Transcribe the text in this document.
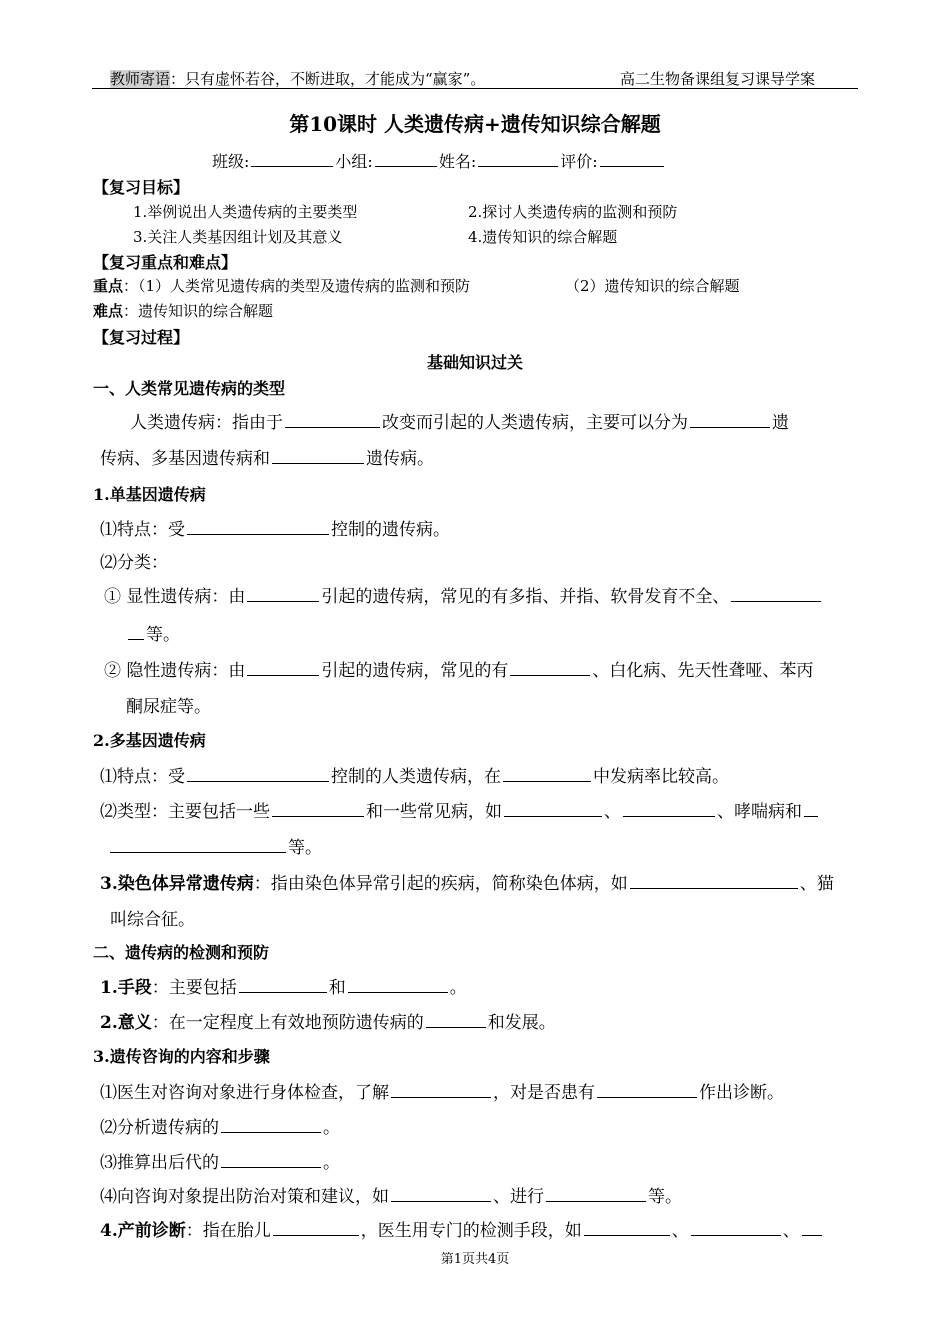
教师寄语：只有虚怀若谷，不断进取，才能成为“赢家”。	高二生物备课组复习课导学案
第10课时 人类遗传病+遗传知识综合解题
班级:	小组:	姓名:	评价:
【复习目标】
1.举例说出人类遗传病的主要类型	2.探讨人类遗传病的监测和预防
3.关注人类基因组计划及其意义	4.遗传知识的综合解题
【复习重点和难点】
重点：（1）人类常见遗传病的类型及遗传病的监测和预防	（2）遗传知识的综合解题
难点：遗传知识的综合解题
【复习过程】
基础知识过关
一、人类常见遗传病的类型
人类遗传病：指由于	改变而引起的人类遗传病，主要可以分为	遗
传病、多基因遗传病和	遗传病。
1.单基因遗传病
⑴特点：受	控制的遗传病。
⑵分类：
① 显性遗传病：由	引起的遗传病，常见的有多指、并指、软骨发育不全、
等。
② 隐性遗传病：由	引起的遗传病，常见的有	、白化病、先天性聋哑、苯丙
酮尿症等。
2.多基因遗传病
⑴特点：受	控制的人类遗传病，在	中发病率比较高。
⑵类型：主要包括一些	和一些常见病，如	、	、哮喘病和
等。
3.染色体异常遗传病：指由染色体异常引起的疾病，简称染色体病，如	、猫
叫综合征。
二、遗传病的检测和预防
1.手段：主要包括	和	。
2.意义：在一定程度上有效地预防遗传病的	和发展。
3.遗传咨询的内容和步骤
⑴医生对咨询对象进行身体检查，了解	，对是否患有	作出诊断。
⑵分析遗传病的	。
⑶推算出后代的	。
⑷向咨询对象提出防治对策和建议，如	、进行	等。
4.产前诊断：指在胎儿	，医生用专门的检测手段，如	、	、
第1页共4页
